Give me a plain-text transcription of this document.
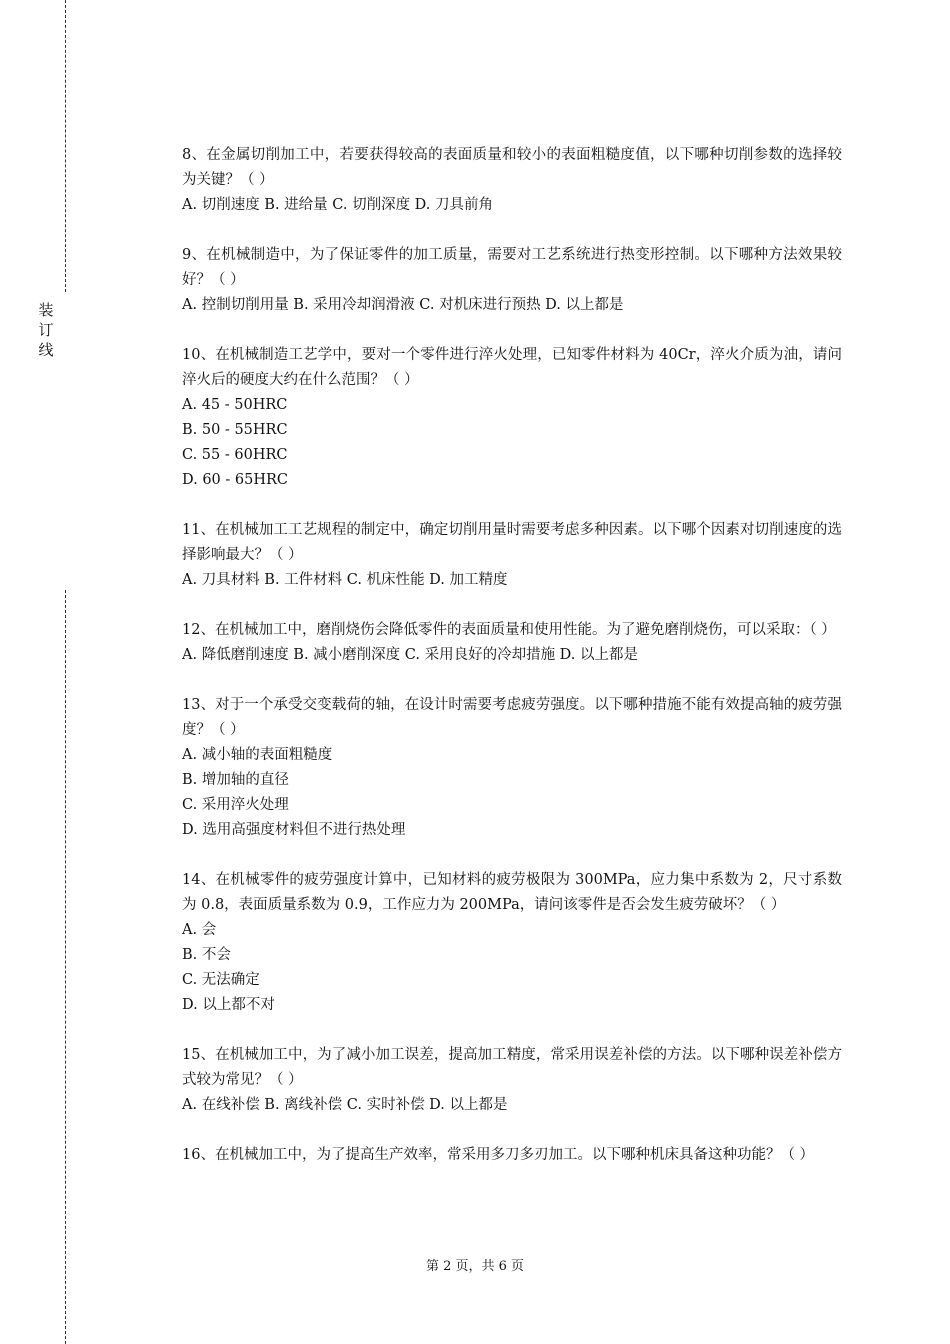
装
订
线

8、在金属切削加工中，若要获得较高的表面质量和较小的表面粗糙度值，以下哪种切削参数的选择较为关键？（ ）

A. 切削速度 B. 进给量 C. 切削深度 D. 刀具前角

9、在机械制造中，为了保证零件的加工质量，需要对工艺系统进行热变形控制。以下哪种方法效果较好？（ ）

A. 控制切削用量 B. 采用冷却润滑液 C. 对机床进行预热 D. 以上都是

10、在机械制造工艺学中，要对一个零件进行淬火处理，已知零件材料为 40Cr，淬火介质为油，请问淬火后的硬度大约在什么范围？（ ）

A. 45 - 50HRC
B. 50 - 55HRC
C. 55 - 60HRC
D. 60 - 65HRC

11、在机械加工工艺规程的制定中，确定切削用量时需要考虑多种因素。以下哪个因素对切削速度的选择影响最大？（ ）

A. 刀具材料 B. 工件材料 C. 机床性能 D. 加工精度

12、在机械加工中，磨削烧伤会降低零件的表面质量和使用性能。为了避免磨削烧伤，可以采取：（ ）

A. 降低磨削速度 B. 减小磨削深度 C. 采用良好的冷却措施 D. 以上都是

13、对于一个承受交变载荷的轴，在设计时需要考虑疲劳强度。以下哪种措施不能有效提高轴的疲劳强度？（ ）

A. 减小轴的表面粗糙度
B. 增加轴的直径
C. 采用淬火处理
D. 选用高强度材料但不进行热处理

14、在机械零件的疲劳强度计算中，已知材料的疲劳极限为 300MPa，应力集中系数为 2，尺寸系数为 0.8，表面质量系数为 0.9，工作应力为 200MPa，请问该零件是否会发生疲劳破坏？（ ）

A. 会
B. 不会
C. 无法确定
D. 以上都不对

15、在机械加工中，为了减小加工误差，提高加工精度，常采用误差补偿的方法。以下哪种误差补偿方式较为常见？（ ）

A. 在线补偿 B. 离线补偿 C. 实时补偿 D. 以上都是

16、在机械加工中，为了提高生产效率，常采用多刀多刃加工。以下哪种机床具备这种功能？（ ）

第 2 页，共 6 页
